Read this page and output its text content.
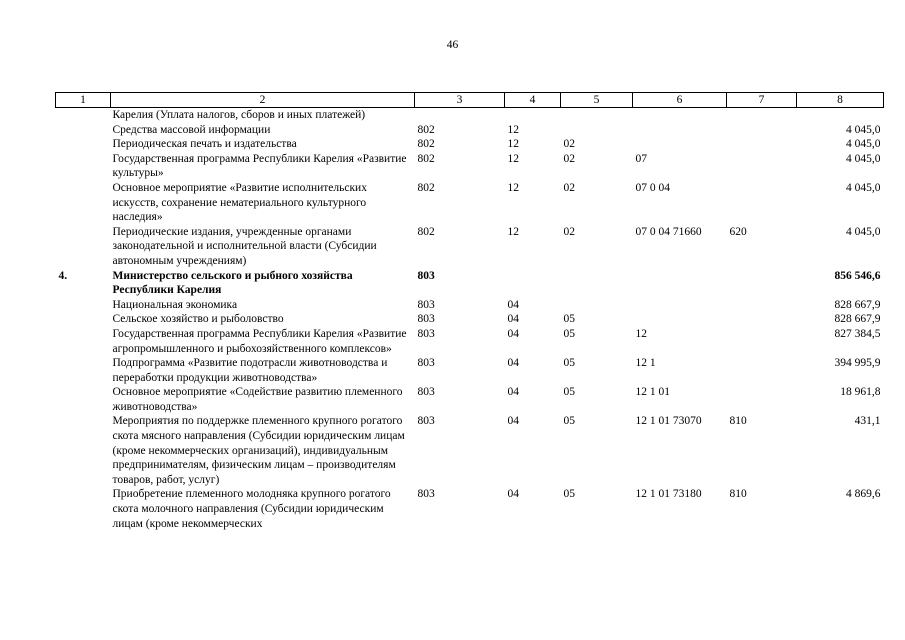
46
1	2	3	4	5	6	7	8
	Карелия (Уплата налогов, сборов и иных платежей)						
	Средства массовой информации	802	12				4 045,0
	Периодическая печать и издательства	802	12	02			4 045,0
	Государственная программа Республики Карелия «Развитие культуры»	802	12	02	07		4 045,0
	Основное мероприятие «Развитие исполнительских искусств, сохранение нематериального культурного наследия»	802	12	02	07 0 04		4 045,0
	Периодические издания, учрежденные органами законодательной и исполнительной власти (Субсидии автономным учреждениям)	802	12	02	07 0 04 71660	620	4 045,0
4.	Министерство сельского и рыбного хозяйства Республики Карелия	803					856 546,6
	Национальная экономика	803	04				828 667,9
	Сельское хозяйство и рыболовство	803	04	05			828 667,9
	Государственная программа Республики Карелия «Развитие агропромышленного и рыбохозяйственного комплексов»	803	04	05	12		827 384,5
	Подпрограмма «Развитие подотрасли животноводства и переработки продукции животноводства»	803	04	05	12 1		394 995,9
	Основное мероприятие «Содействие развитию племенного животноводства»	803	04	05	12 1 01		18 961,8
	Мероприятия по поддержке племенного крупного рогатого скота мясного направления (Субсидии юридическим лицам (кроме некоммерческих организаций), индивидуальным предпринимателям, физическим лицам – производителям товаров, работ, услуг)	803	04	05	12 1 01 73070	810	431,1
	Приобретение племенного молодняка крупного рогатого скота молочного направления (Субсидии юридическим лицам (кроме некоммерческих	803	04	05	12 1 01 73180	810	4 869,6
